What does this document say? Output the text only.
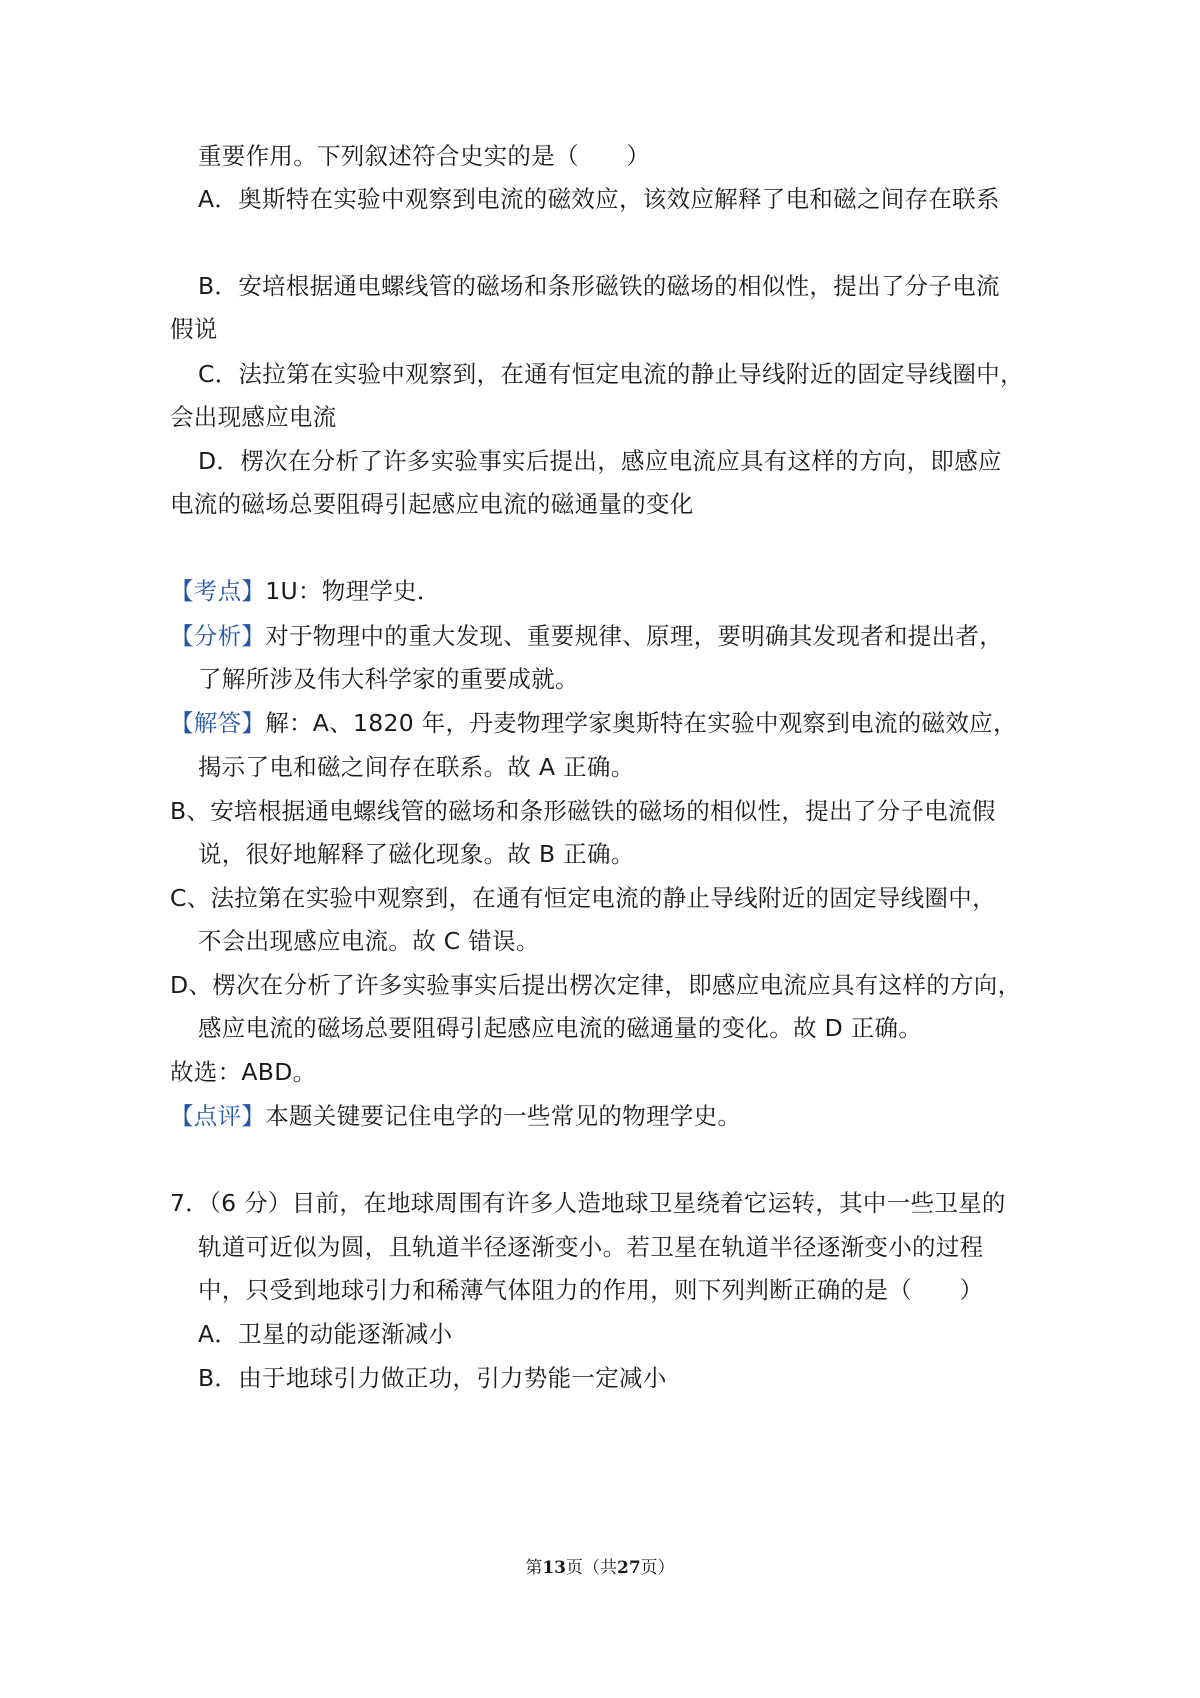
重要作用。下列叙述符合史实的是（　　）

A．奥斯特在实验中观察到电流的磁效应，该效应解释了电和磁之间存在联系

B．安培根据通电螺线管的磁场和条形磁铁的磁场的相似性，提出了分子电流

假说

C．法拉第在实验中观察到，在通有恒定电流的静止导线附近的固定导线圈中，

会出现感应电流

D．楞次在分析了许多实验事实后提出，感应电流应具有这样的方向，即感应

电流的磁场总要阻碍引起感应电流的磁通量的变化

【考点】1U：物理学史．

【分析】对于物理中的重大发现、重要规律、原理，要明确其发现者和提出者，

了解所涉及伟大科学家的重要成就。

【解答】解：A、1820 年，丹麦物理学家奥斯特在实验中观察到电流的磁效应，

揭示了电和磁之间存在联系。故 A 正确。

B、安培根据通电螺线管的磁场和条形磁铁的磁场的相似性，提出了分子电流假

说，很好地解释了磁化现象。故 B 正确。

C、法拉第在实验中观察到，在通有恒定电流的静止导线附近的固定导线圈中，

不会出现感应电流。故 C 错误。

D、楞次在分析了许多实验事实后提出楞次定律，即感应电流应具有这样的方向，

感应电流的磁场总要阻碍引起感应电流的磁通量的变化。故 D 正确。

故选：ABD。

【点评】本题关键要记住电学的一些常见的物理学史。

7．（6 分）目前，在地球周围有许多人造地球卫星绕着它运转，其中一些卫星的

轨道可近似为圆，且轨道半径逐渐变小。若卫星在轨道半径逐渐变小的过程

中，只受到地球引力和稀薄气体阻力的作用，则下列判断正确的是（　　）

A．卫星的动能逐渐减小

B．由于地球引力做正功，引力势能一定减小

第13页（共27页）
